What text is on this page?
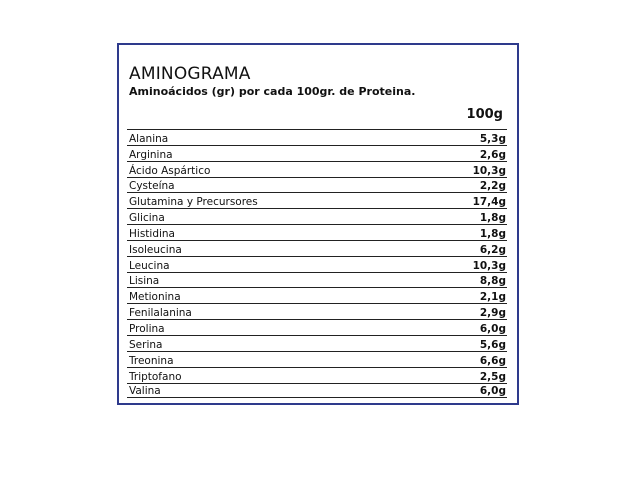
AMINOGRAMA
Aminoácidos (gr) por cada 100gr. de Proteina.
100g
Alanina	5,3g
Arginina	2,6g
Ácido Aspártico	10,3g
Cysteína	2,2g
Glutamina y Precursores	17,4g
Glicina	1,8g
Histidina	1,8g
Isoleucina	6,2g
Leucina	10,3g
Lisina	8,8g
Metionina	2,1g
Fenilalanina	2,9g
Prolina	6,0g
Serina	5,6g
Treonina	6,6g
Triptofano	2,5g
Valina	6,0g
